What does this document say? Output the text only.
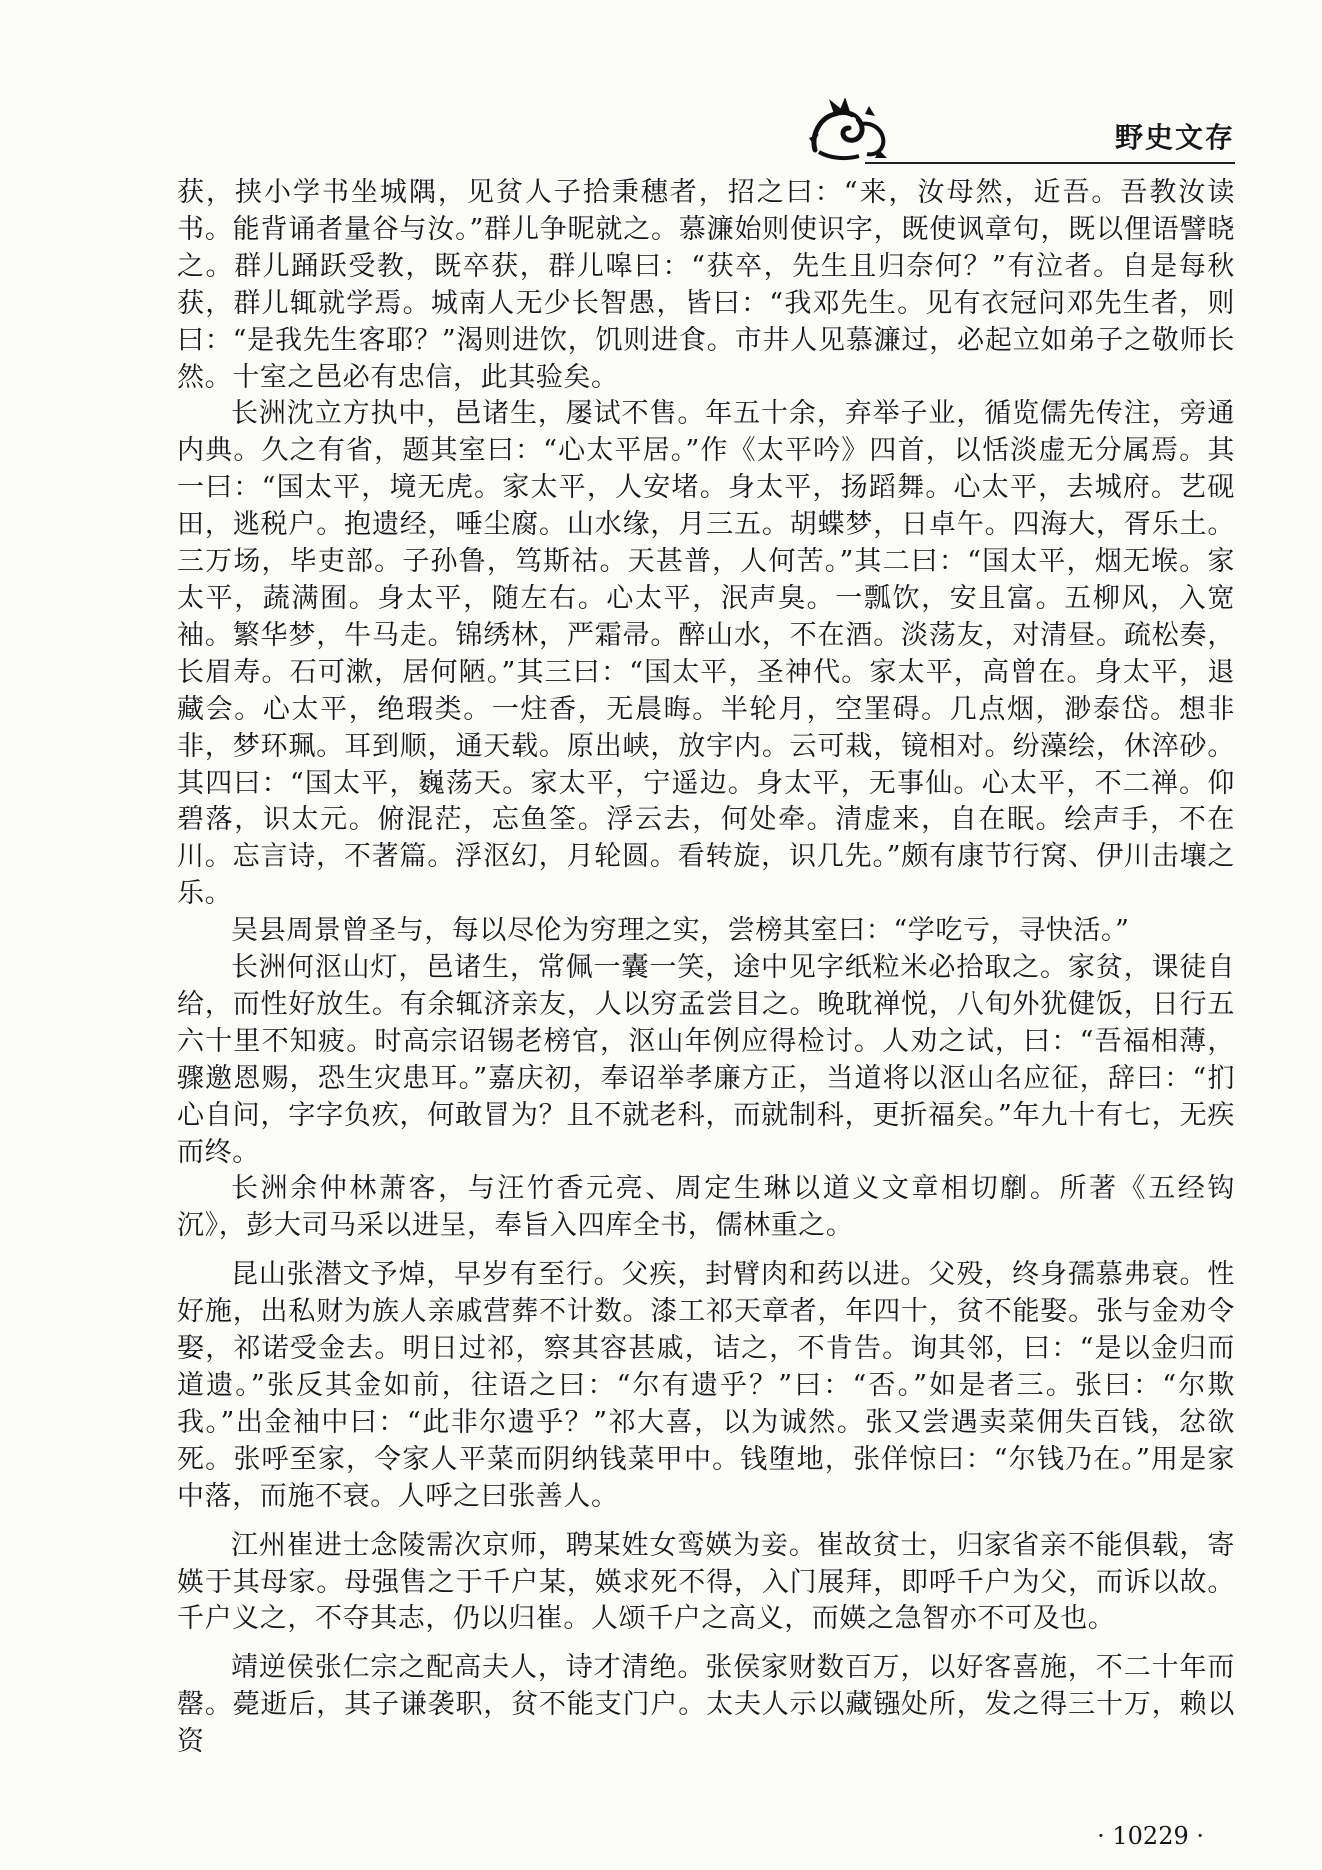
野史文存

获，挟小学书坐城隅，见贫人子拾秉穗者，招之曰：“来，汝母然，近吾。吾教汝读书。能背诵者量谷与汝。”群儿争昵就之。慕濂始则使识字，既使讽章句，既以俚语譬晓之。群儿踊跃受教，既卒获，群儿嗥曰：“获卒，先生且归奈何？”有泣者。自是每秋获，群儿辄就学焉。城南人无少长智愚，皆曰：“我邓先生。见有衣冠问邓先生者，则曰：“是我先生客耶？”渴则进饮，饥则进食。市井人见慕濂过，必起立如弟子之敬师长然。十室之邑必有忠信，此其验矣。

长洲沈立方执中，邑诸生，屡试不售。年五十余，弃举子业，循览儒先传注，旁通内典。久之有省，题其室曰：“心太平居。”作《太平吟》四首，以恬淡虚无分属焉。其一曰：“国太平，境无虎。家太平，人安堵。身太平，扬蹈舞。心太平，去城府。艺砚田，逃税户。抱遗经，唾尘腐。山水缘，月三五。胡蝶梦，日卓午。四海大，胥乐土。三万场，毕吏部。子孙鲁，笃斯祜。天甚普，人何苦。”其二曰：“国太平，烟无堠。家太平，蔬满囿。身太平，随左右。心太平，泯声臭。一瓢饮，安且富。五柳风，入宽袖。繁华梦，牛马走。锦绣林，严霜帚。醉山水，不在酒。淡荡友，对清昼。疏松奏，长眉寿。石可漱，居何陋。”其三曰：“国太平，圣神代。家太平，高曾在。身太平，退藏会。心太平，绝瑕类。一炷香，无晨晦。半轮月，空罣碍。几点烟，渺泰岱。想非非，梦环珮。耳到顺，通天载。原出峡，放宇内。云可栽，镜相对。纷藻绘，休淬砂。其四曰：“国太平，巍荡天。家太平，宁遥边。身太平，无事仙。心太平，不二禅。仰碧落，识太元。俯混茫，忘鱼筌。浮云去，何处牵。清虚来，自在眠。绘声手，不在川。忘言诗，不著篇。浮沤幻，月轮圆。看转旋，识几先。”颇有康节行窝、伊川击壤之乐。

吴县周景曾圣与，每以尽伦为穷理之实，尝榜其室曰：“学吃亏，寻快活。”

长洲何沤山灯，邑诸生，常佩一囊一笑，途中见字纸粒米必拾取之。家贫，课徒自给，而性好放生。有余辄济亲友，人以穷孟尝目之。晚耽禅悦，八旬外犹健饭，日行五六十里不知疲。时高宗诏锡老榜官，沤山年例应得检讨。人劝之试，曰：“吾福相薄，骤邀恩赐，恐生灾患耳。”嘉庆初，奉诏举孝廉方正，当道将以沤山名应征，辞曰：“扪心自问，字字负疚，何敢冒为？且不就老科，而就制科，更折福矣。”年九十有七，无疾而终。

长洲余仲林萧客，与汪竹香元亮、周定生琳以道义文章相切劘。所著《五经钩沉》，彭大司马采以进呈，奉旨入四库全书，儒林重之。

昆山张潜文予焯，早岁有至行。父疾，封臂肉和药以进。父殁，终身孺慕弗衰。性好施，出私财为族人亲戚营葬不计数。漆工祁天章者，年四十，贫不能娶。张与金劝令娶，祁诺受金去。明日过祁，察其容甚戚，诘之，不肯告。询其邻，曰：“是以金归而道遗。”张反其金如前，往语之曰：“尔有遗乎？”曰：“否。”如是者三。张曰：“尔欺我。”出金袖中曰：“此非尔遗乎？”祁大喜，以为诚然。张又尝遇卖菜佣失百钱，忿欲死。张呼至家，令家人平菜而阴纳钱菜甲中。钱堕地，张佯惊曰：“尔钱乃在。”用是家中落，而施不衰。人呼之曰张善人。

江州崔进士念陵需次京师，聘某姓女鸾媖为妾。崔故贫士，归家省亲不能俱载，寄媖于其母家。母强售之于千户某，媖求死不得，入门展拜，即呼千户为父，而诉以故。千户义之，不夺其志，仍以归崔。人颂千户之高义，而媖之急智亦不可及也。

靖逆侯张仁宗之配高夫人，诗才清绝。张侯家财数百万，以好客喜施，不二十年而罄。薨逝后，其子谦袭职，贫不能支门户。太夫人示以藏镪处所，发之得三十万，赖以资

· 10229 ·
